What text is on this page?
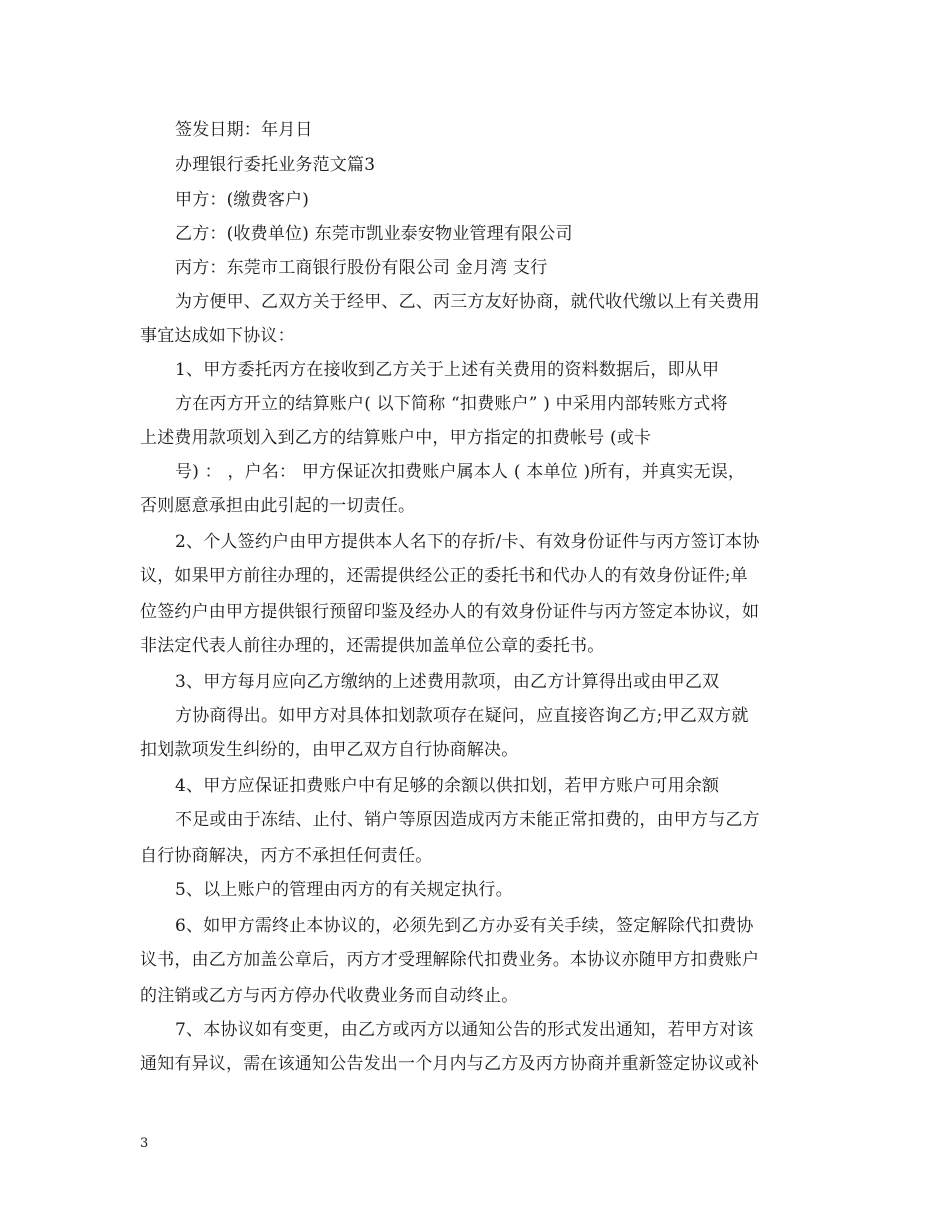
签发日期：年月日
办理银行委托业务范文篇3
甲方：(缴费客户)
乙方：(收费单位) 东莞市凯业泰安物业管理有限公司
丙方：东莞市工商银行股份有限公司 金月湾 支行
为方便甲、乙双方关于经甲、乙、丙三方友好协商，就代收代缴以上有关费用
事宜达成如下协议：
1、甲方委托丙方在接收到乙方关于上述有关费用的资料数据后，即从甲
方在丙方开立的结算账户( 以下简称 “扣费账户” ) 中采用内部转账方式将
上述费用款项划入到乙方的结算账户中，甲方指定的扣费帐号 (或卡
号) ： ，户名： 甲方保证次扣费账户属本人 ( 本单位 )所有，并真实无误，
否则愿意承担由此引起的一切责任。
2、个人签约户由甲方提供本人名下的存折/卡、有效身份证件与丙方签订本协
议，如果甲方前往办理的，还需提供经公正的委托书和代办人的有效身份证件;单
位签约户由甲方提供银行预留印鉴及经办人的有效身份证件与丙方签定本协议，如
非法定代表人前往办理的，还需提供加盖单位公章的委托书。
3、甲方每月应向乙方缴纳的上述费用款项，由乙方计算得出或由甲乙双
方协商得出。如甲方对具体扣划款项存在疑问，应直接咨询乙方;甲乙双方就
扣划款项发生纠纷的，由甲乙双方自行协商解决。
4、甲方应保证扣费账户中有足够的余额以供扣划，若甲方账户可用余额
不足或由于冻结、止付、销户等原因造成丙方未能正常扣费的，由甲方与乙方
自行协商解决，丙方不承担任何责任。
5、以上账户的管理由丙方的有关规定执行。
6、如甲方需终止本协议的，必须先到乙方办妥有关手续，签定解除代扣费协
议书，由乙方加盖公章后，丙方才受理解除代扣费业务。本协议亦随甲方扣费账户
的注销或乙方与丙方停办代收费业务而自动终止。
7、本协议如有变更，由乙方或丙方以通知公告的形式发出通知，若甲方对该
通知有异议，需在该通知公告发出一个月内与乙方及丙方协商并重新签定协议或补
3
